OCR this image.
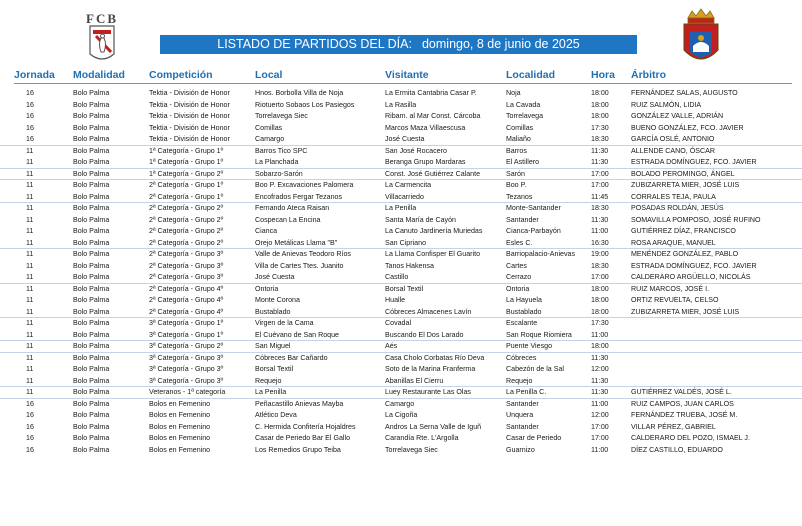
FCB
LISTADO DE PARTIDOS DEL DÍA: domingo, 8 de junio de 2025
Jornada Modalidad Competición	Local	Visitante	Localidad	Hora Árbitro
16	Bolo Palma	Tektia - División de Honor	Hnos. Borbolla Villa de Noja	La Ermita Cantabria Casar P.	Noja	18:00	FERNÁNDEZ SALAS, AUGUSTO
16	Bolo Palma	Tektia - División de Honor	Riotuerto Sobaos Los Pasiegos	La Rasilla	La Cavada	18:00	RUIZ SALMÓN, LIDIA
16	Bolo Palma	Tektia - División de Honor	Torrelavega Siec	Ribam. al Mar Const. Cárcoba	Torrelavega	18:00	GONZÁLEZ VALLE, ADRIÁN
16	Bolo Palma	Tektia - División de Honor	Comillas	Marcos Maza Villaescusa	Comillas	17:30	BUENO GONZÁLEZ, FCO. JAVIER
16	Bolo Palma	Tektia - División de Honor	Camargo	José Cuesta	Maliaño	18:30	GARCÍA OSLÉ, ANTONIO
11	Bolo Palma	1ª Categoría - Grupo 1º	Barros Tico SPC	San José Rocacero	Barros	11:30	ALLENDE CANO, ÓSCAR
11	Bolo Palma	1ª Categoría - Grupo 1º	La Planchada	Beranga Grupo Mardaras	El Astillero	11:30	ESTRADA DOMÍNGUEZ, FCO. JAVIER
11	Bolo Palma	1ª Categoría - Grupo 2º	Sobarzo-Sarón	Const. José Gutiérrez Calante	Sarón	17:00	BOLADO PEROMINGO, ÁNGEL
11	Bolo Palma	2ª Categoría - Grupo 1º	Boo P. Excavaciones Palomera	La Carmencita	Boo P.	17:00	ZUBIZARRETA MIER, JOSÉ LUIS
11	Bolo Palma	2ª Categoría - Grupo 1º	Encofrados Fergar Tezanos	Villacarriedo	Tezanos	11:45	CORRALES TEJA, PAULA
11	Bolo Palma	2ª Categoría - Grupo 2º	Fernando Ateca Raisan	La Penilla	Monte-Santander	18:30	POSADAS ROLDÁN, JESÚS
11	Bolo Palma	2ª Categoría - Grupo 2º	Cospecan La Encina	Santa María de Cayón	Santander	11:30	SOMAVILLA POMPOSO, JOSÉ RUFINO
11	Bolo Palma	2ª Categoría - Grupo 2º	Cianca	La Canuto Jardinería Muriedas	Cianca-Parbayón	11:00	GUTIÉRREZ DÍAZ, FRANCISCO
11	Bolo Palma	2ª Categoría - Grupo 2º	Orejo Metálicas Llama "B"	San Cipriano	Esles C.	16:30	ROSA ARAQUE, MANUEL
11	Bolo Palma	2ª Categoría - Grupo 3º	Valle de Anievas Teodoro Ríos	La Llama Confisper El Guarito	Barriopalacio-Anievas 19:00	MENÉNDEZ GONZÁLEZ, PABLO
11	Bolo Palma	2ª Categoría - Grupo 3º	Villa de Cartes Ttes. Juanito	Tanos Hakensa	Cartes	18:30	ESTRADA DOMÍNGUEZ, FCO. JAVIER
11	Bolo Palma	2ª Categoría - Grupo 3º	José Cuesta	Castillo	Cerrazo	17:00	CALDERARO ARGÜELLO, NICOLÁS
11	Bolo Palma	2ª Categoría - Grupo 4º	Ontoria	Borsal Textil	Ontoria	18:00	RUIZ MARCOS, JOSÉ I.
11	Bolo Palma	2ª Categoría - Grupo 4º	Monte Corona	Hualle	La Hayuela	18:00	ORTIZ REVUELTA, CELSO
11	Bolo Palma	2ª Categoría - Grupo 4º	Bustablado	Cóbreces Almacenes Lavín	Bustablado	18:00	ZUBIZARRETA MIER, JOSÉ LUIS
11	Bolo Palma	3ª Categoría - Grupo 1º	Virgen de la Cama	Covadal	Escalante	17:30
11	Bolo Palma	3ª Categoría - Grupo 1º	El Cuévano de San Roque	Buscando El Dos Larado	San Roque Riomiera	11:00
11	Bolo Palma	3ª Categoría - Grupo 2º	San Miguel	Aés	Puente Viesgo	18:00
11	Bolo Palma	3ª Categoría - Grupo 3º	Cóbreces Bar Cañardo	Casa Cholo Corbatas Río Deva	Cóbreces	11:30
11	Bolo Palma	3ª Categoría - Grupo 3º	Borsal Textil	Soto de la Marina Franferma	Cabezón de la Sal	12:00
11	Bolo Palma	3ª Categoría - Grupo 3º	Requejo	Abanillas El Cierru	Requejo	11:30
11	Bolo Palma	Veteranos - 1ª categoría	La Penilla	Luey Restaurante Las Olas	La Penilla C.	11:30	GUTIÉRREZ VALDÉS, JOSÉ L.
16	Bolo Palma	Bolos en Femenino	Peñacastillo Anievas Mayba	Camargo	Santander	11:00	RUIZ CAMPOS, JUAN CARLOS
16	Bolo Palma	Bolos en Femenino	Atlético Deva	La Cigoña	Unquera	12:00	FERNÁNDEZ TRUEBA, JOSÉ M.
16	Bolo Palma	Bolos en Femenino	C. Hermida Confitería Hojaldres	Andros La Serna Valle de Iguñ	Santander	17:00	VILLAR PÉREZ, GABRIEL
16	Bolo Palma	Bolos en Femenino	Casar de Periedo Bar El Gallo	Carandía Rte. L'Argolla	Casar de Periedo	17:00	CALDERARO DEL POZO, ISMAEL J.
16	Bolo Palma	Bolos en Femenino	Los Remedios Grupo Teiba	Torrelavega Siec	Guarnizo	11:00	DÍEZ CASTILLO, EDUARDO
